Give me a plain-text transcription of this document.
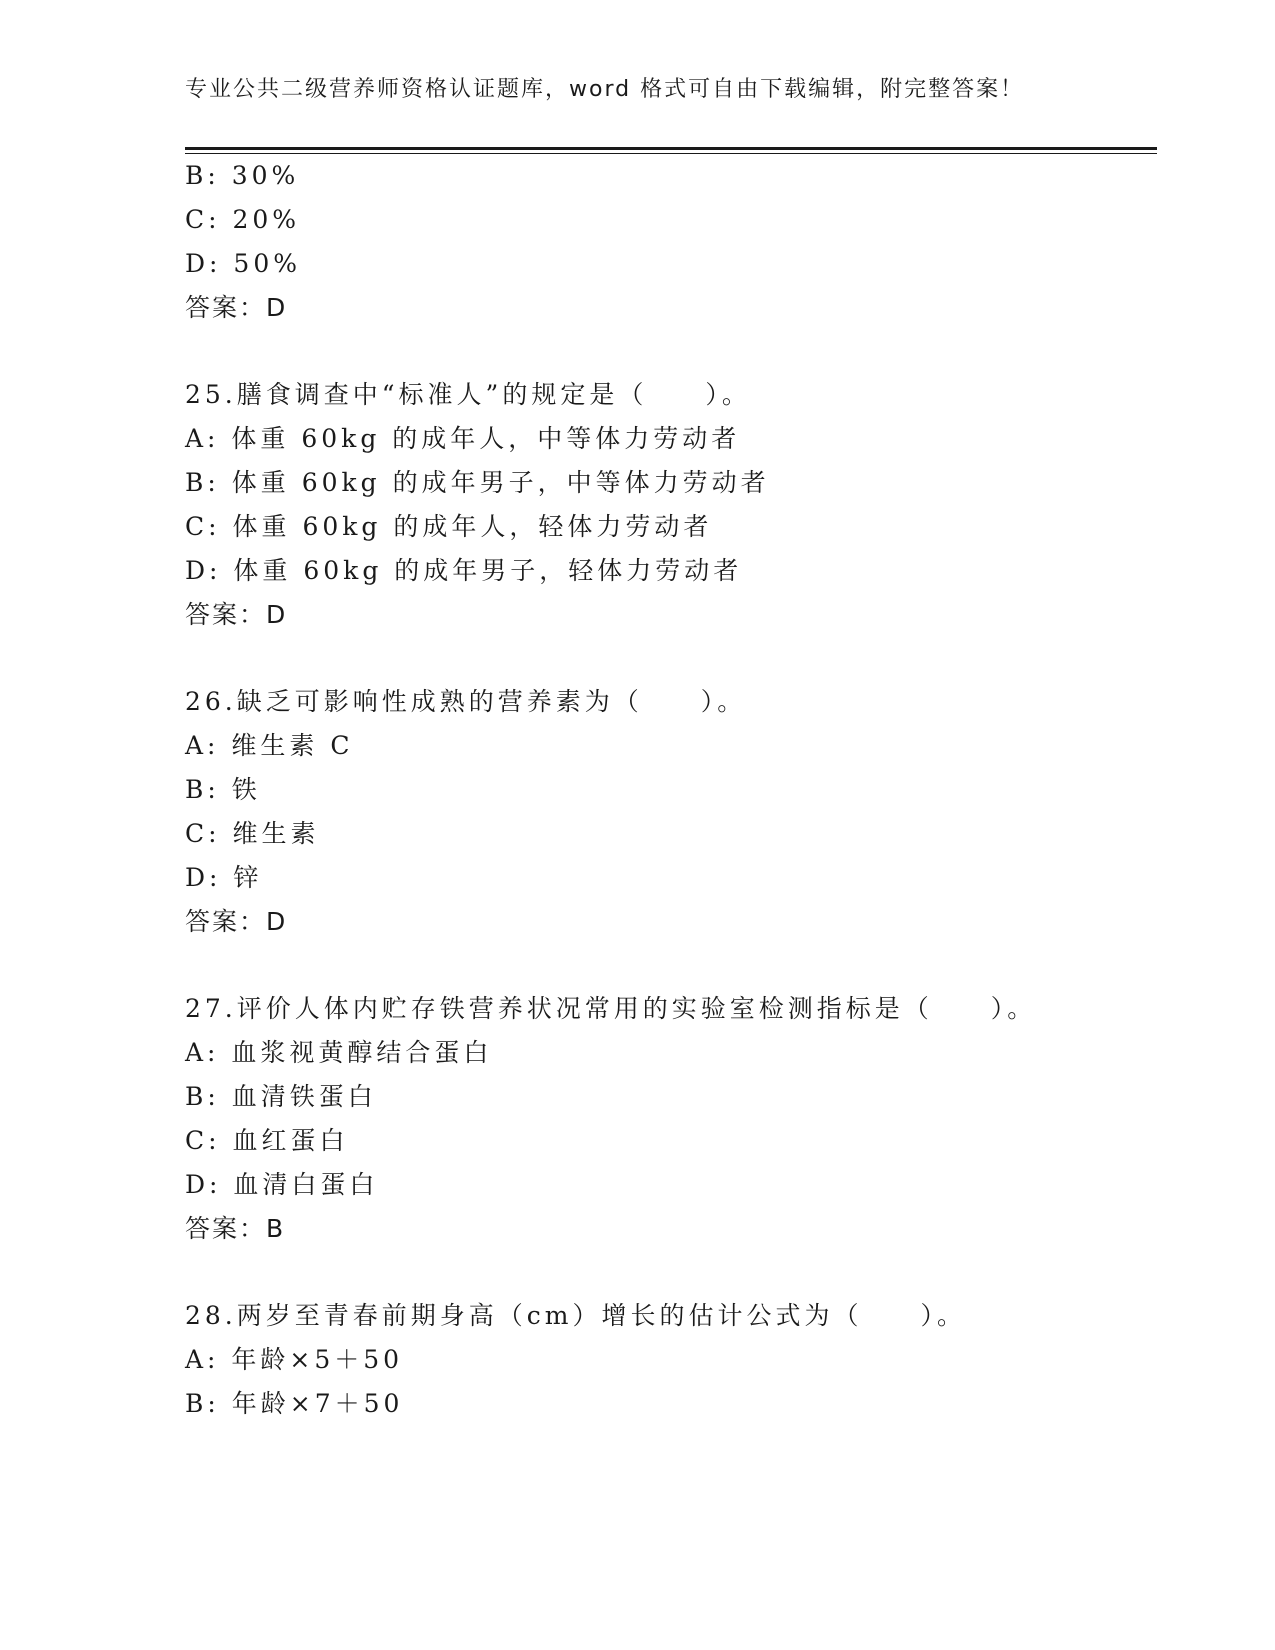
专业公共二级营养师资格认证题库，word 格式可自由下载编辑，附完整答案！
B: 30%
C: 20%
D: 50%
答案：D
25.膳食调查中“标准人”的规定是（　　）。
A: 体重 60kg 的成年人，中等体力劳动者
B: 体重 60kg 的成年男子，中等体力劳动者
C: 体重 60kg 的成年人，轻体力劳动者
D: 体重 60kg 的成年男子，轻体力劳动者
答案：D
26.缺乏可影响性成熟的营养素为（　　）。
A: 维生素 C
B: 铁
C: 维生素
D: 锌
答案：D
27.评价人体内贮存铁营养状况常用的实验室检测指标是（　　）。
A: 血浆视黄醇结合蛋白
B: 血清铁蛋白
C: 血红蛋白
D: 血清白蛋白
答案：B
28.两岁至青春前期身高（cm）增长的估计公式为（　　）。
A: 年龄×5＋50
B: 年龄×7＋50
